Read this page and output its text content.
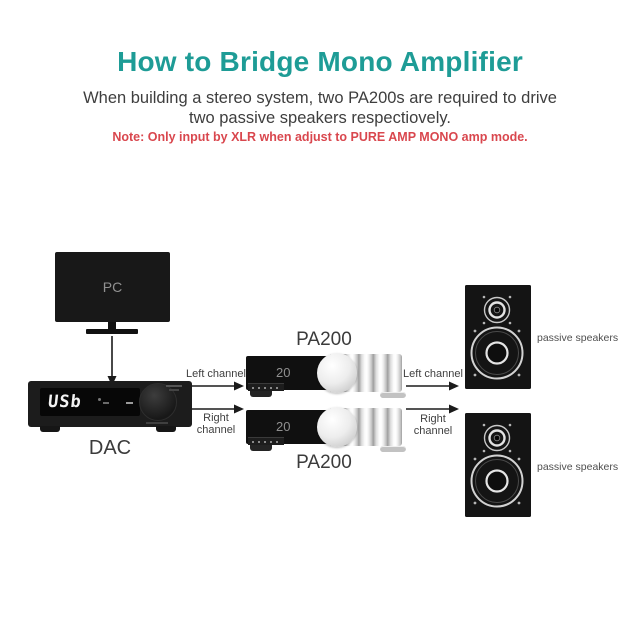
How to Bridge Mono Amplifier
When building a stereo system, two PA200s are required to drive
two passive speakers respectiovely.
Note: Only input by XLR when adjust to PURE AMP MONO amp mode.
PC
USb
DAC
Left channel
Right channel
Left channel
Right channel
PA200
20
20
PA200
passive speakers
passive speakers
